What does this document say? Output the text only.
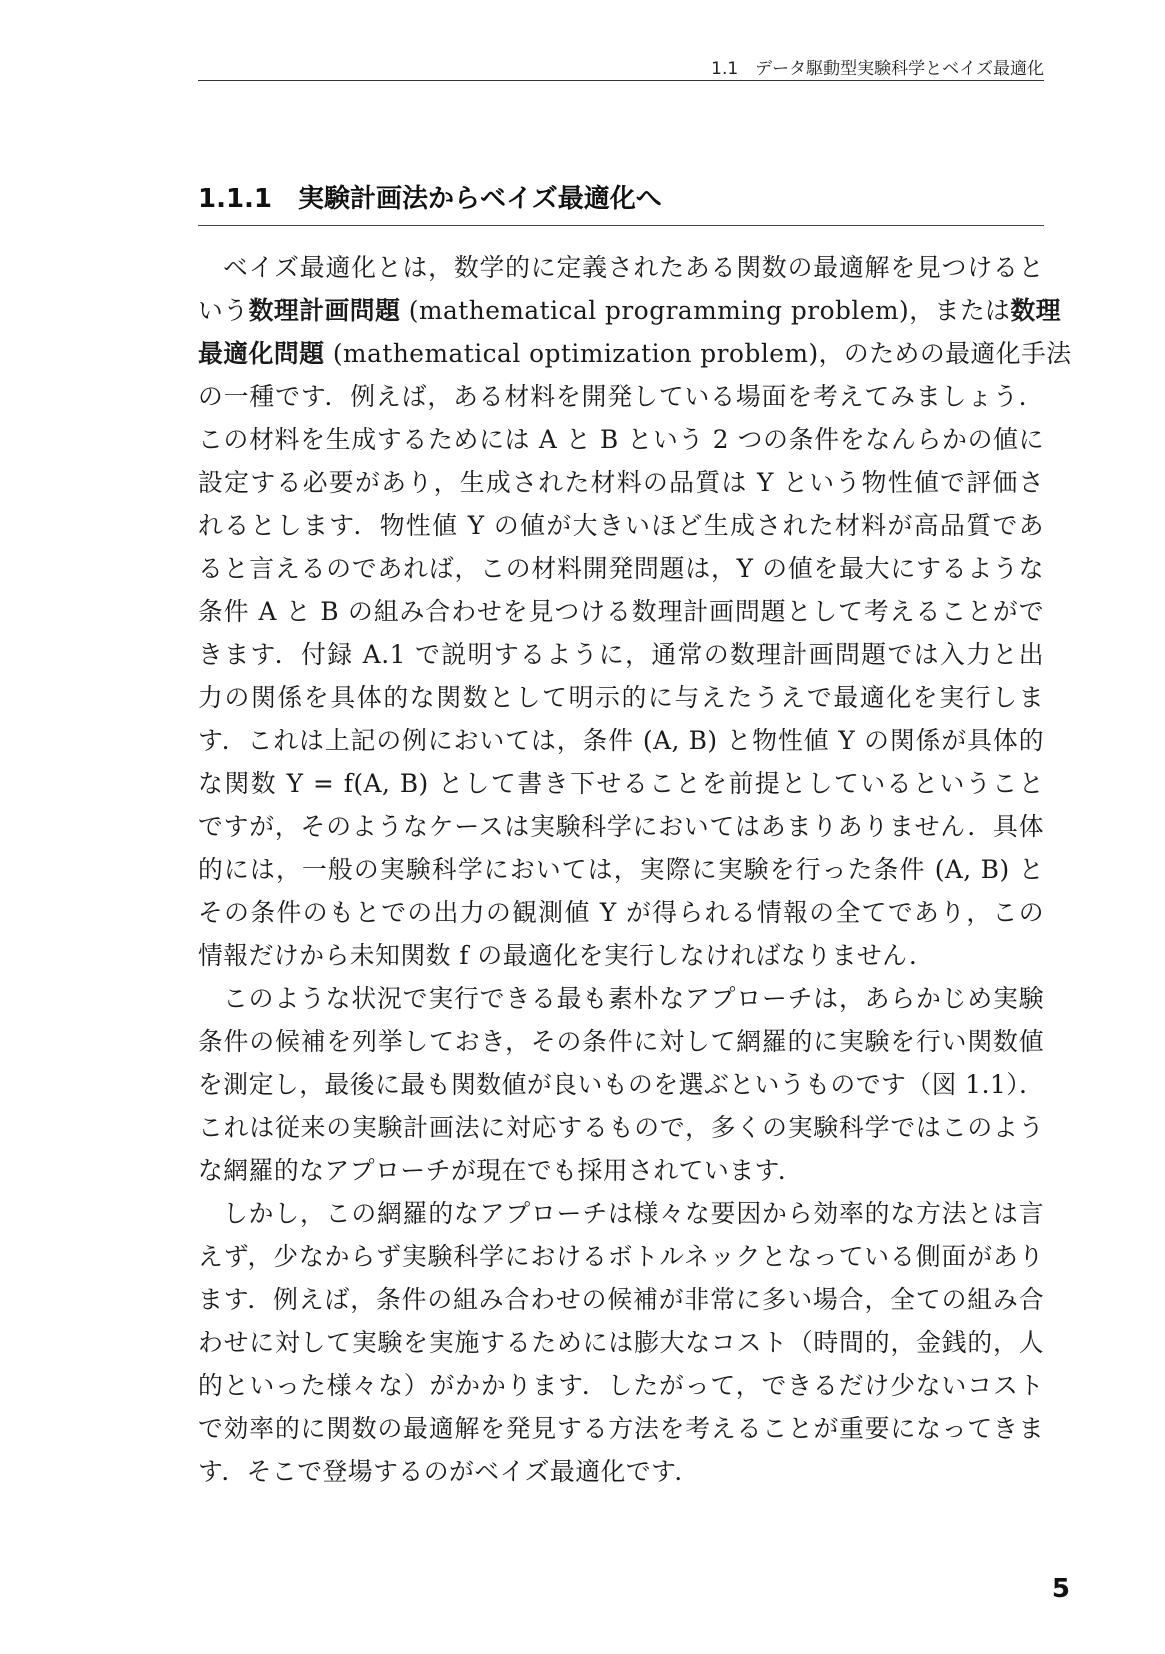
1.1　データ駆動型実験科学とベイズ最適化
1.1.1 実験計画法からベイズ最適化へ
ベイズ最適化とは，数学的に定義されたある関数の最適解を見つけると
いう数理計画問題 (mathematical programming problem)，または数理
最適化問題 (mathematical optimization problem)，のための最適化手法
の一種です．例えば，ある材料を開発している場面を考えてみましょう．
この材料を生成するためには A と B という 2 つの条件をなんらかの値に
設定する必要があり，生成された材料の品質は Y という物性値で評価さ
れるとします．物性値 Y の値が大きいほど生成された材料が高品質であ
ると言えるのであれば，この材料開発問題は，Y の値を最大にするような
条件 A と B の組み合わせを見つける数理計画問題として考えることがで
きます．付録 A.1 で説明するように，通常の数理計画問題では入力と出
力の関係を具体的な関数として明示的に与えたうえで最適化を実行しま
す．これは上記の例においては，条件 (A, B) と物性値 Y の関係が具体的
な関数 Y = f(A, B) として書き下せることを前提としているということ
ですが，そのようなケースは実験科学においてはあまりありません．具体
的には，一般の実験科学においては，実際に実験を行った条件 (A, B) と
その条件のもとでの出力の観測値 Y が得られる情報の全てであり，この
情報だけから未知関数 f の最適化を実行しなければなりません．
このような状況で実行できる最も素朴なアプローチは，あらかじめ実験
条件の候補を列挙しておき，その条件に対して網羅的に実験を行い関数値
を測定し，最後に最も関数値が良いものを選ぶというものです（図 1.1）．
これは従来の実験計画法に対応するもので，多くの実験科学ではこのよう
な網羅的なアプローチが現在でも採用されています．
しかし，この網羅的なアプローチは様々な要因から効率的な方法とは言
えず，少なからず実験科学におけるボトルネックとなっている側面があり
ます．例えば，条件の組み合わせの候補が非常に多い場合，全ての組み合
わせに対して実験を実施するためには膨大なコスト（時間的，金銭的，人
的といった様々な）がかかります．したがって，できるだけ少ないコスト
で効率的に関数の最適解を発見する方法を考えることが重要になってきま
す．そこで登場するのがベイズ最適化です．
5
